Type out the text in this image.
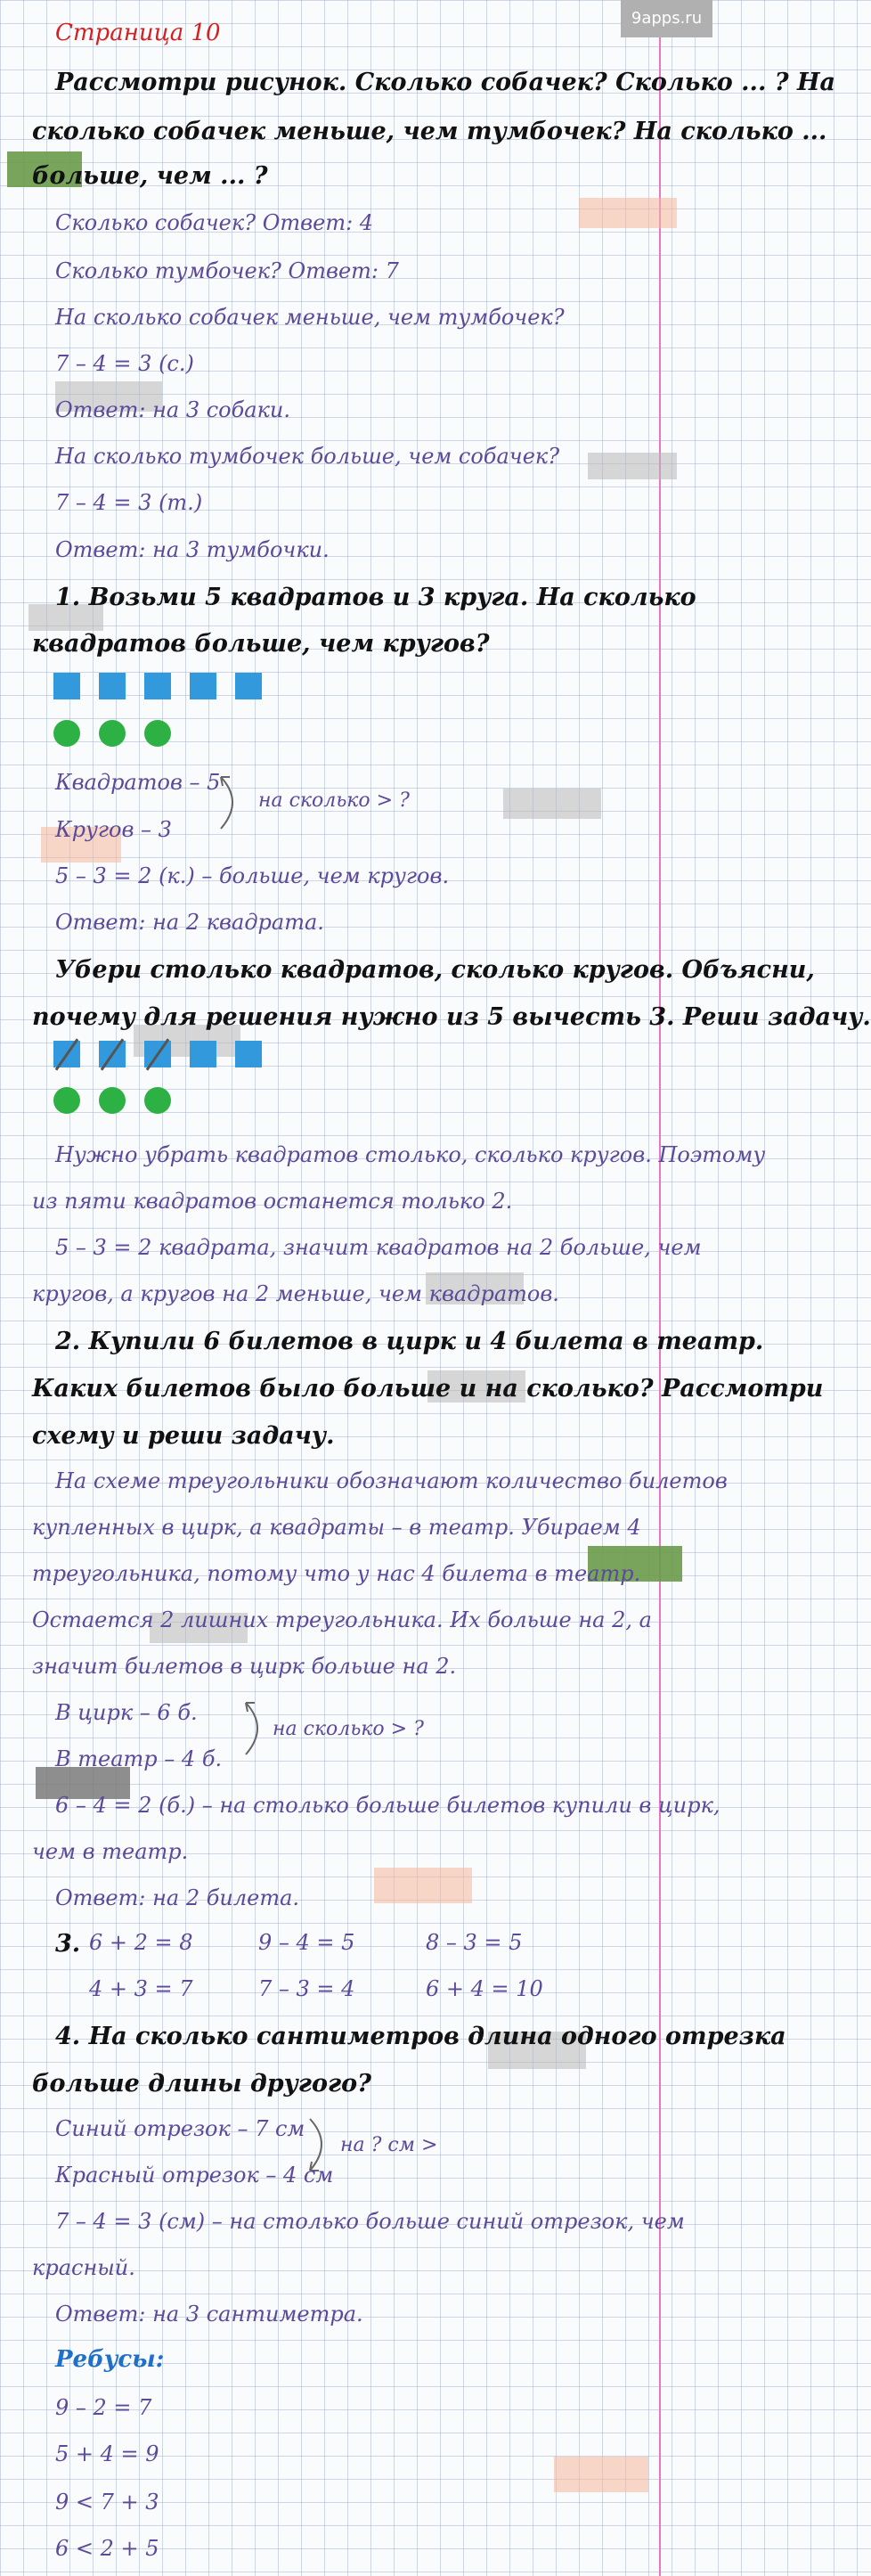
9apps.ru
Страница 10
Рассмотри рисунок. Сколько собачек? Сколько ... ? На
сколько собачек меньше, чем тумбочек? На сколько ...
больше, чем ... ?
Сколько собачек? Ответ: 4
Сколько тумбочек? Ответ: 7
На сколько собачек меньше, чем тумбочек?
7 – 4 = 3 (с.)
Ответ: на 3 собаки.
На сколько тумбочек больше, чем собачек?
7 – 4 = 3 (т.)
Ответ: на 3 тумбочки.
1. Возьми 5 квадратов и 3 круга. На сколько
квадратов больше, чем кругов?
Квадратов – 5
на сколько > ?
Кругов – 3
5 – 3 = 2 (к.) – больше, чем кругов.
Ответ: на 2 квадрата.
Убери столько квадратов, сколько кругов. Объясни,
почему для решения нужно из 5 вычесть 3. Реши задачу.
Нужно убрать квадратов столько, сколько кругов. Поэтому
из пяти квадратов останется только 2.
5 – 3 = 2 квадрата, значит квадратов на 2 больше, чем
кругов, а кругов на 2 меньше, чем квадратов.
2. Купили 6 билетов в цирк и 4 билета в театр.
Каких билетов было больше и на сколько? Рассмотри
схему и реши задачу.
На схеме треугольники обозначают количество билетов
купленных в цирк, а квадраты – в театр. Убираем 4
треугольника, потому что у нас 4 билета в театр.
Остается 2 лишних треугольника. Их больше на 2, а
значит билетов в цирк больше на 2.
В цирк – 6 б.
на сколько > ?
В театр – 4 б.
6 – 4 = 2 (б.) – на столько больше билетов купили в цирк,
чем в театр.
Ответ: на 2 билета.
3. 6 + 2 = 8
4 + 3 = 7
9 – 4 = 5
7 – 3 = 4
8 – 3 = 5
6 + 4 = 10
4. На сколько сантиметров длина одного отрезка
больше длины другого?
Синий отрезок – 7 см
на ? см >
Красный отрезок – 4 см
7 – 4 = 3 (см) – на столько больше синий отрезок, чем
красный.
Ответ: на 3 сантиметра.
Ребусы:
9 – 2 = 7
5 + 4 = 9
9 < 7 + 3
6 < 2 + 5
